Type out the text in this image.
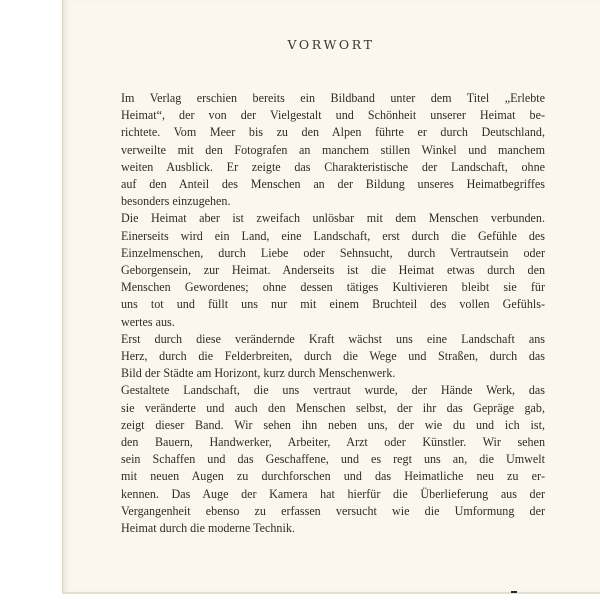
VORWORT

Im Verlag erschien bereits ein Bildband unter dem Titel „Erlebte
Heimat“, der von der Vielgestalt und Schönheit unserer Heimat be‐
richtete. Vom Meer bis zu den Alpen führte er durch Deutschland,
verweilte mit den Fotografen an manchem stillen Winkel und manchem
weiten Ausblick. Er zeigte das Charakteristische der Landschaft, ohne
auf den Anteil des Menschen an der Bildung unseres Heimatbegriffes
besonders einzugehen.

Die Heimat aber ist zweifach unlösbar mit dem Menschen verbunden.
Einerseits wird ein Land, eine Landschaft, erst durch die Gefühle des
Einzelmenschen, durch Liebe oder Sehnsucht, durch Vertrautsein oder
Geborgensein, zur Heimat. Anderseits ist die Heimat etwas durch den
Menschen Gewordenes; ohne dessen tätiges Kultivieren bleibt sie für
uns tot und füllt uns nur mit einem Bruchteil des vollen Gefühls‐
wertes aus.

Erst durch diese verändernde Kraft wächst uns eine Landschaft ans
Herz, durch die Felderbreiten, durch die Wege und Straßen, durch das
Bild der Städte am Horizont, kurz durch Menschenwerk.

Gestaltete Landschaft, die uns vertraut wurde, der Hände Werk, das
sie veränderte und auch den Menschen selbst, der ihr das Gepräge gab,
zeigt dieser Band. Wir sehen ihn neben uns, der wie du und ich ist,
den Bauern, Handwerker, Arbeiter, Arzt oder Künstler. Wir sehen
sein Schaffen und das Geschaffene, und es regt uns an, die Umwelt
mit neuen Augen zu durchforschen und das Heimatliche neu zu er‐
kennen. Das Auge der Kamera hat hierfür die Überlieferung aus der
Vergangenheit ebenso zu erfassen versucht wie die Umformung der
Heimat durch die moderne Technik.
